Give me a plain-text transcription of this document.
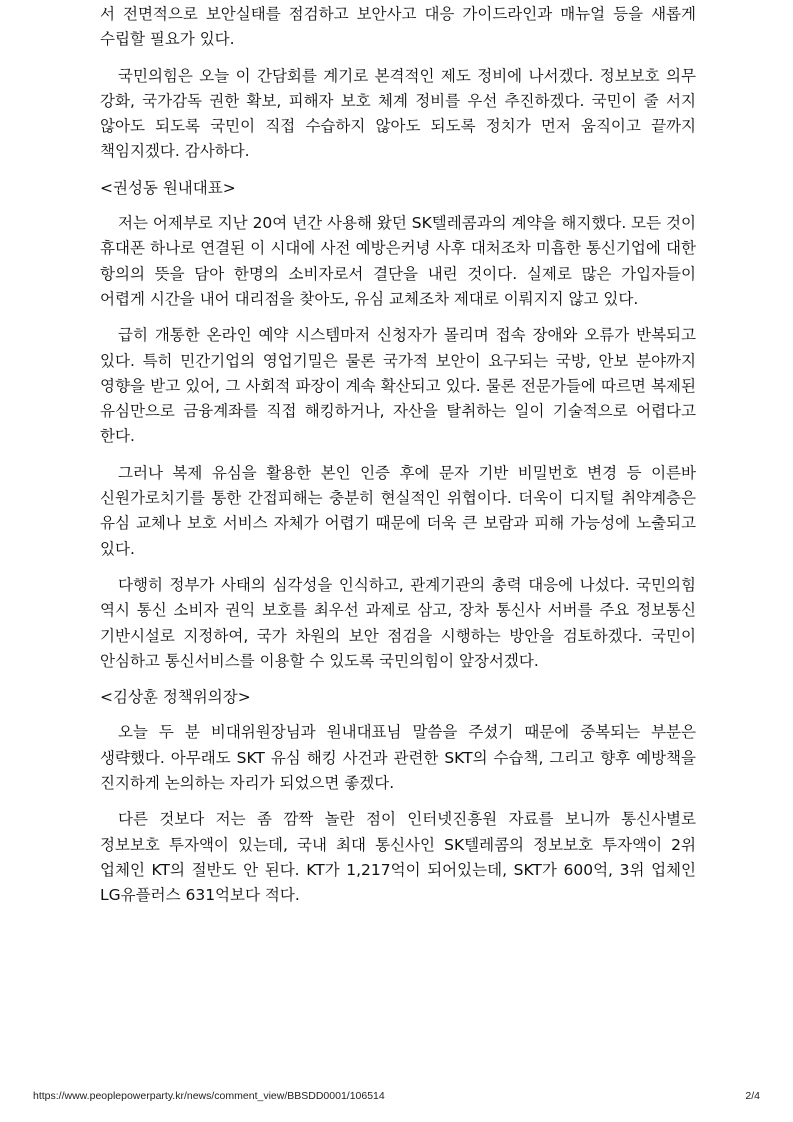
서 전면적으로 보안실태를 점검하고 보안사고 대응 가이드라인과 매뉴얼 등을 새롭게 수립할 필요가 있다.

국민의힘은 오늘 이 간담회를 계기로 본격적인 제도 정비에 나서겠다. 정보보호 의무 강화, 국가감독 권한 확보, 피해자 보호 체계 정비를 우선 추진하겠다. 국민이 줄 서지 않아도 되도록 국민이 직접 수습하지 않아도 되도록 정치가 먼저 움직이고 끝까지 책임지겠다. 감사하다.

<권성동 원내대표>

저는 어제부로 지난 20여 년간 사용해 왔던 SK텔레콤과의 계약을 해지했다. 모든 것이 휴대폰 하나로 연결된 이 시대에 사전 예방은커녕 사후 대처조차 미흡한 통신기업에 대한 항의의 뜻을 담아 한명의 소비자로서 결단을 내린 것이다. 실제로 많은 가입자들이 어렵게 시간을 내어 대리점을 찾아도, 유심 교체조차 제대로 이뤄지지 않고 있다.

급히 개통한 온라인 예약 시스템마저 신청자가 몰리며 접속 장애와 오류가 반복되고 있다. 특히 민간기업의 영업기밀은 물론 국가적 보안이 요구되는 국방, 안보 분야까지 영향을 받고 있어, 그 사회적 파장이 계속 확산되고 있다. 물론 전문가들에 따르면 복제된 유심만으로 금융계좌를 직접 해킹하거나, 자산을 탈취하는 일이 기술적으로 어렵다고 한다.

그러나 복제 유심을 활용한 본인 인증 후에 문자 기반 비밀번호 변경 등 이른바 신원가로치기를 통한 간접피해는 충분히 현실적인 위협이다. 더욱이 디지털 취약계층은 유심 교체나 보호 서비스 자체가 어렵기 때문에 더욱 큰 보람과 피해 가능성에 노출되고 있다.

다행히 정부가 사태의 심각성을 인식하고, 관계기관의 총력 대응에 나섰다. 국민의힘 역시 통신 소비자 권익 보호를 최우선 과제로 삼고, 장차 통신사 서버를 주요 정보통신 기반시설로 지정하여, 국가 차원의 보안 점검을 시행하는 방안을 검토하겠다. 국민이 안심하고 통신서비스를 이용할 수 있도록 국민의힘이 앞장서겠다.

<김상훈 정책위의장>

오늘 두 분 비대위원장님과 원내대표님 말씀을 주셨기 때문에 중복되는 부분은 생략했다. 아무래도 SKT 유심 해킹 사건과 관련한 SKT의 수습책, 그리고 향후 예방책을 진지하게 논의하는 자리가 되었으면 좋겠다.

다른 것보다 저는 좀 깜짝 놀란 점이 인터넷진흥원 자료를 보니까 통신사별로 정보보호 투자액이 있는데, 국내 최대 통신사인 SK텔레콤의 정보보호 투자액이 2위 업체인 KT의 절반도 안 된다. KT가 1,217억이 되어있는데, SKT가 600억, 3위 업체인 LG유플러스 631억보다 적다.

https://www.peoplepowerparty.kr/news/comment_view/BBSDD0001/106514	2/4
